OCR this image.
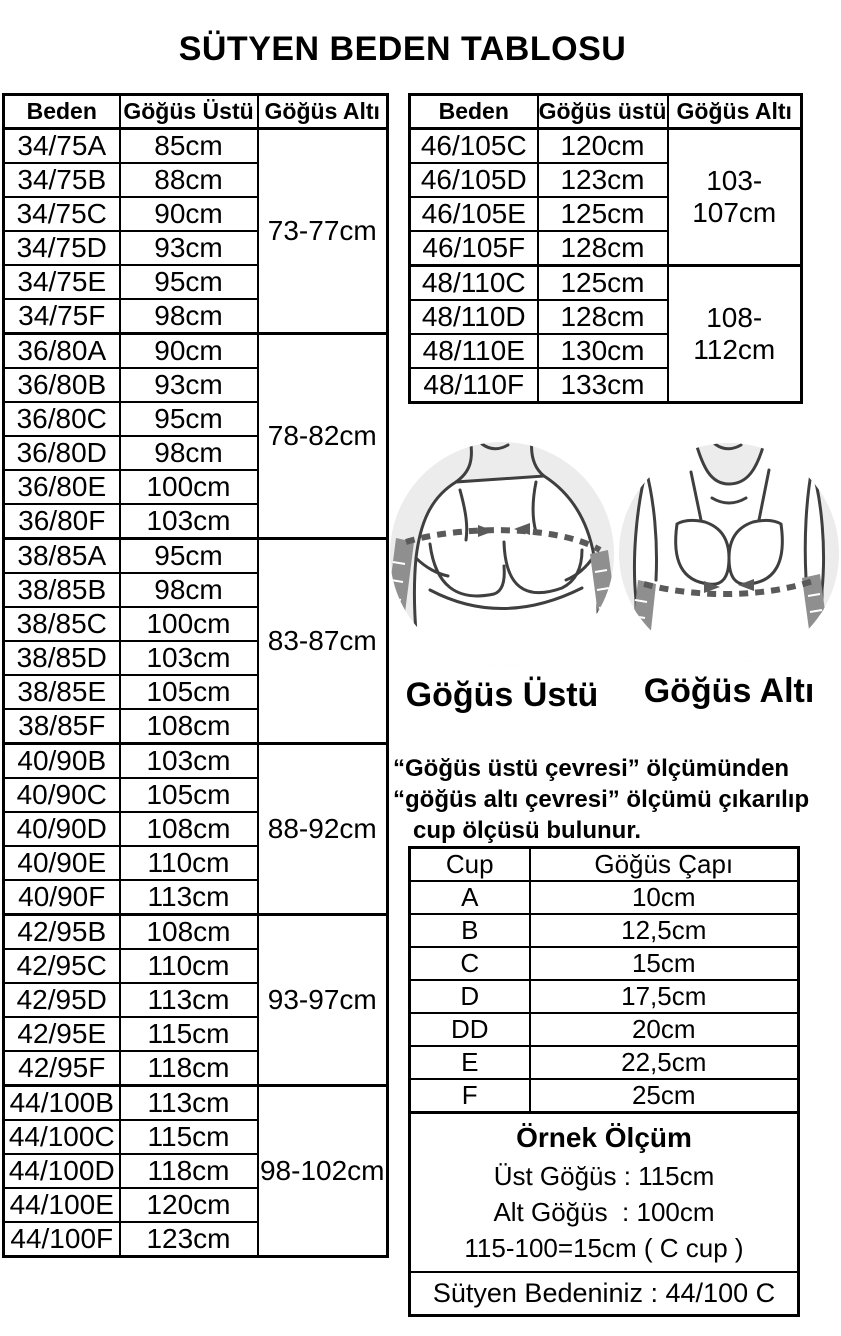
SÜTYEN BEDEN TABLOSU
Beden	Göğüs Üstü	Göğüs Altı
34/75A	85cm	73-77cm
34/75B	88cm	
34/75C	90cm	
34/75D	93cm	
34/75E	95cm	
34/75F	98cm	
36/80A	90cm	78-82cm
36/80B	93cm	
36/80C	95cm	
36/80D	98cm	
36/80E	100cm	
36/80F	103cm	
38/85A	95cm	83-87cm
38/85B	98cm	
38/85C	100cm	
38/85D	103cm	
38/85E	105cm	
38/85F	108cm	
40/90B	103cm	88-92cm
40/90C	105cm	
40/90D	108cm	
40/90E	110cm	
40/90F	113cm	
42/95B	108cm	93-97cm
42/95C	110cm	
42/95D	113cm	
42/95E	115cm	
42/95F	118cm	
44/100B	113cm	98-102cm
44/100C	115cm	
44/100D	118cm	
44/100E	120cm	
44/100F	123cm	
Beden	Göğüs üstü	Göğüs Altı
46/105C	120cm	103-107cm
46/105D	123cm	
46/105E	125cm	
46/105F	128cm	
48/110C	125cm	108-112cm
48/110D	128cm	
48/110E	130cm	
48/110F	133cm	
Göğüs Üstü	Göğüs Altı
“Göğüs üstü çevresi” ölçümünden
“göğüs altı çevresi” ölçümü çıkarılıp
cup ölçüsü bulunur.
Cup	Göğüs Çapı
A	10cm
B	12,5cm
C	15cm
D	17,5cm
DD	20cm
E	22,5cm
F	25cm
Örnek Ölçüm
Üst Göğüs : 115cm
Alt Göğüs  : 100cm
115-100=15cm ( C cup )
Sütyen Bedeniniz : 44/100 C
